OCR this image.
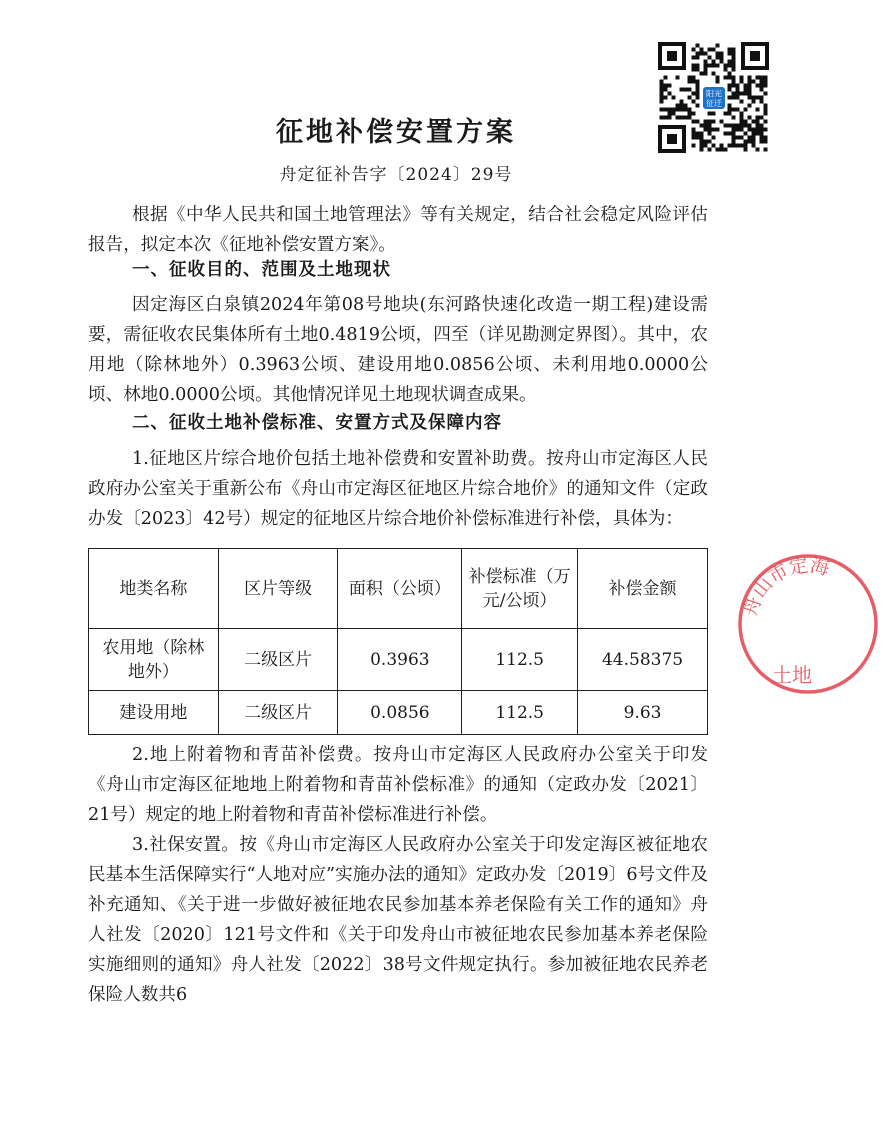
阳光
征迁
征地补偿安置方案
舟定征补告字〔2024〕29号

根据《中华人民共和国土地管理法》等有关规定，结合社会稳定风险评估报告，拟定本次《征地补偿安置方案》。

一、征收目的、范围及土地现状

因定海区白泉镇2024年第08号地块(东河路快速化改造一期工程)建设需要，需征收农民集体所有土地0.4819公顷，四至（详见勘测定界图）。其中，农用地（除林地外）0.3963公顷、建设用地0.0856公顷、未利用地0.0000公顷、林地0.0000公顷。其他情况详见土地现状调查成果。

二、征收土地补偿标准、安置方式及保障内容

1.征地区片综合地价包括土地补偿费和安置补助费。按舟山市定海区人民政府办公室关于重新公布《舟山市定海区征地区片综合地价》的通知文件（定政办发〔2023〕42号）规定的征地区片综合地价补偿标准进行补偿，具体为：

地类名称	区片等级	面积（公顷）	补偿标准（万元/公顷）	补偿金额
农用地（除林地外）	二级区片	0.3963	112.5	44.58375
建设用地	二级区片	0.0856	112.5	9.63

2.地上附着物和青苗补偿费。按舟山市定海区人民政府办公室关于印发《舟山市定海区征地地上附着物和青苗补偿标准》的通知（定政办发〔2021〕21号）规定的地上附着物和青苗补偿标准进行补偿。

3.社保安置。按《舟山市定海区人民政府办公室关于印发定海区被征地农民基本生活保障实行“人地对应”实施办法的通知》定政办发〔2019〕6号文件及补充通知、《关于进一步做好被征地农民参加基本养老保险有关工作的通知》舟人社发〔2020〕121号文件和《关于印发舟山市被征地农民参加基本养老保险实施细则的通知》舟人社发〔2022〕38号文件规定执行。参加被征地农民养老保险人数共6

舟山市定海
土地
